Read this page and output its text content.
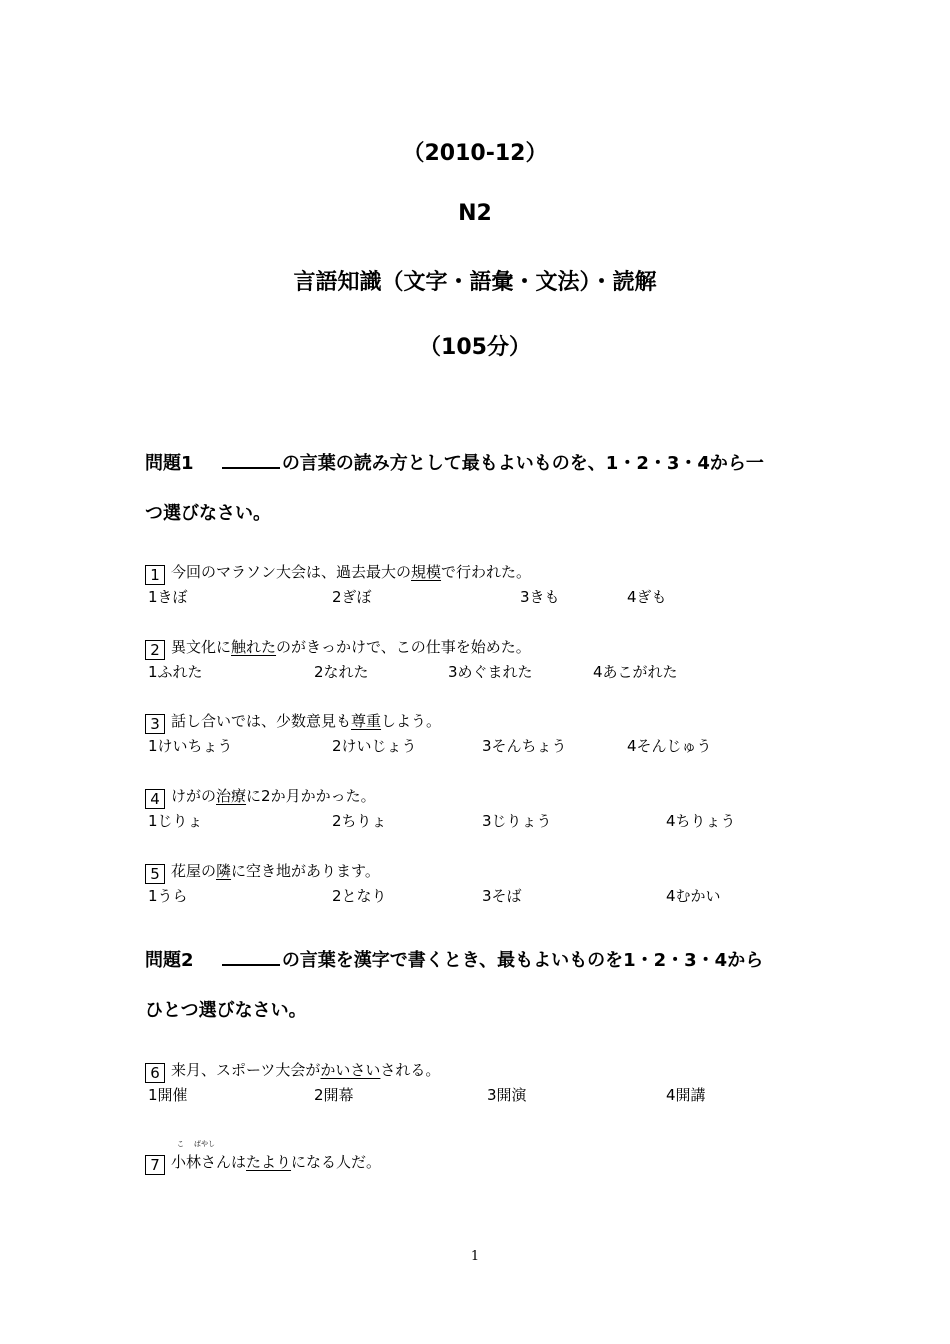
（2010-12）
N2
言語知識（文字・語彙・文法）・読解
（105分）
問題1	の言葉の読み方として最もよいものを、1・2・3・4から一
つ選びなさい。
1 今回のマラソン大会は、過去最大の規模で行われた。
1きぼ	2ぎぼ	3きも	4ぎも
2 異文化に触れたのがきっかけで、この仕事を始めた。
1ふれた	2なれた	3めぐまれた	4あこがれた
3 話し合いでは、少数意見も尊重しよう。
1けいちょう	2けいじょう	3そんちょう	4そんじゅう
4 けがの治療に2か月かかった。
1じりょ	2ちりょ	3じりょう	4ちりょう
5 花屋の隣に空き地があります。
1うら	2となり	3そば	4むかい
問題2	の言葉を漢字で書くとき、最もよいものを1・2・3・4から
ひとつ選びなさい。
6 来月、スポーツ大会がかいさいされる。
1開催	2開幕	3開演	4開講
こ ばやし
7 小林さんはたよりになる人だ。
1
